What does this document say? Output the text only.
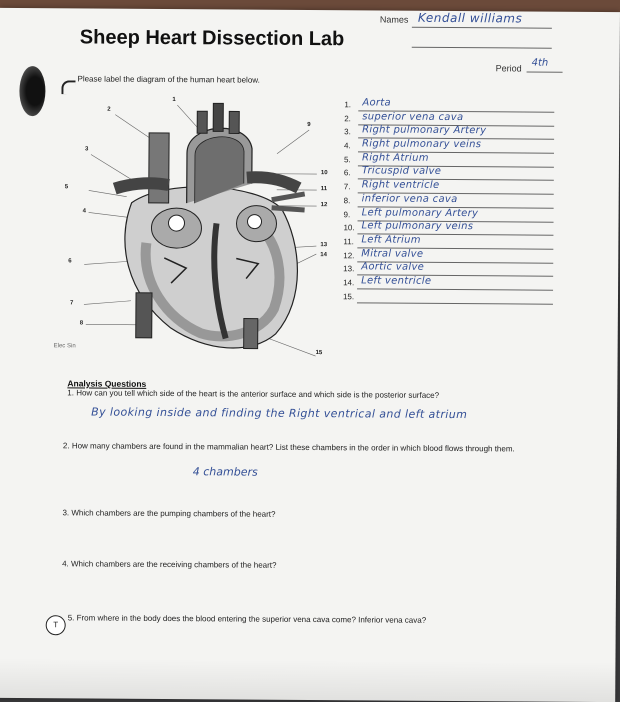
Names Kendall williams
Sheep Heart Dissection Lab
Period 4th
Please label the diagram of the human heart below.
1
2
3
4
5
6
7
8
9
10
11
12
13
14
15
Elec Sin
1. Aorta
2. superior vena cava
3. Right pulmonary Artery
4. Right pulmonary veins
5. Right Atrium
6. Tricuspid valve
7. Right ventricle
8. inferior vena cava
9. Left pulmonary Artery
10. Left pulmonary veins
11. Left Atrium
12. Mitral valve
13. Aortic valve
14. Left ventricle
15.
Analysis Questions
1. How can you tell which side of the heart is the anterior surface and which side is the posterior surface?
By looking inside and finding the Right ventrical and left atrium
2. How many chambers are found in the mammalian heart? List these chambers in the order in which blood flows through them.
4 chambers
3. Which chambers are the pumping chambers of the heart?
4. Which chambers are the receiving chambers of the heart?
T	5. From where in the body does the blood entering the superior vena cava come? Inferior vena cava?
